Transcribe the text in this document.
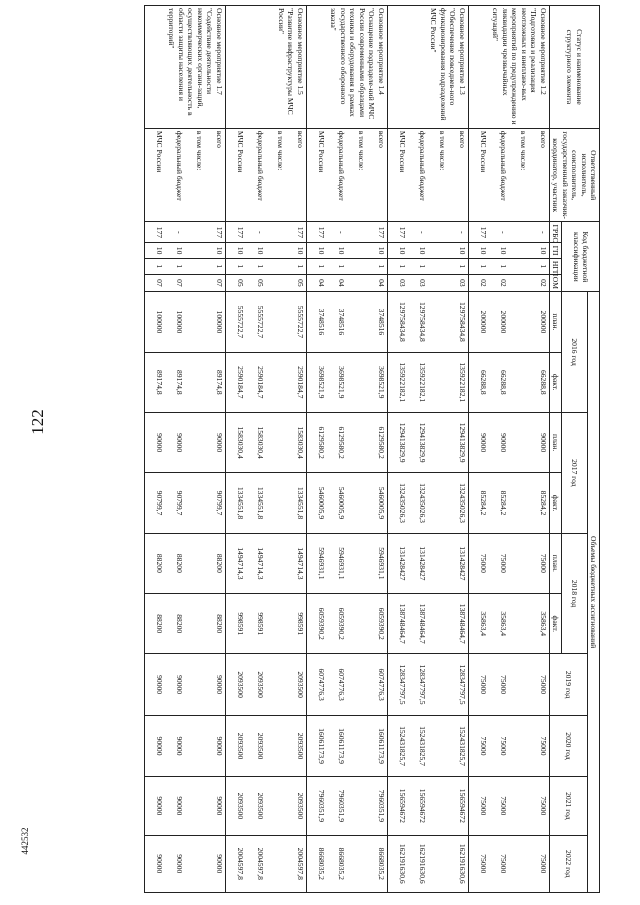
122
442532
Статус и наименование структурного элемента	Ответственный исполнитель, соисполнитель, государственный заказчик-координатор, участник	Код бюджетной классификации				Объемы бюджетных ассигнований									
						2016 год		2017 год		2018 год		2019 год	2020 год	2021 год	2022 год
		ГРБС	ГП	НГП	ОМ	план.	факт.	план.	факт.	план.	факт.				
Основное мероприятие 1.2 "Подготовка и реализация неотложных и внеплано-вых мероприятий по предупреждению и ликвидации чрезвычайных ситуаций"	всего	-	10	1	02	200000	66288,8	90000	85284,2	75000	35863,4	75000	75000	75000	75000
	в том числе:														
	федеральный бюджет	-	10	1	02	200000	66288,8	90000	85284,2	75000	35863,4	75000	75000	75000	75000
	МЧС России	177	10	1	02	200000	66288,8	90000	85284,2	75000	35863,4	75000	75000	75000	75000
Основное мероприятие 1.3 "Обеспечение повседнев-ного функционирования подразделений МЧС России"	всего	-	10	1	03	129758434,8	135922182,1	129413829,9	132435026,3	131428427	138748464,7	128347797,5	152431825,7	156594672	162191630,6
	в том числе:														
	федеральный бюджет	-	10	1	03	129758434,8	135922182,1	129413829,9	132435026,3	131428427	138748464,7	128347797,5	152431825,7	156594672	162191630,6
	МЧС России	177	10	1	03	129758434,8	135922182,1	129413829,9	132435026,3	131428427	138748464,7	128347797,5	152431825,7	156594672	162191630,6
Основное мероприятие 1.4 "Оснащение подразделе-ний МЧС России современными образцами техники и оборудования в рамках государственного оборонного заказа"	всего	177	10	1	04	3748516	3698521,9	6129580,2	5460005,9	5946931,1	6059390,2	6074776,3	16061173,9	7960351,9	8668035,2
	в том числе:														
	федеральный бюджет	-	10	1	04	3748516	3698521,9	6129580,2	5460005,9	5946931,1	6059390,2	6074776,3	16061173,9	7960351,9	8668035,2
	МЧС России	177	10	1	04	3748516	3698521,9	6129580,2	5460005,9	5946931,1	6059390,2	6074776,3	16061173,9	7960351,9	8668035,2
Основное мероприятие 1.5 "Развитие инфраструктуры МЧС России"	всего	177	10	1	05	5555722,7	2590184,7	1583030,4	1334551,8	1494714,3	998591	2093500	2093500	2093500	2004597,8
	в том числе:														
	федеральный бюджет	-	10	1	05	5555722,7	2590184,7	1583030,4	1334551,8	1494714,3	998591	2093500	2093500	2093500	2004597,8
	МЧС России	177	10	1	05	5555722,7	2590184,7	1583030,4	1334551,8	1494714,3	998591	2093500	2093500	2093500	2004597,8
Основное мероприятие 1.7 "Содействие деятельности некоммерческих органи-заций, осуществляющих деятельность в области защиты населения и территорий"	всего	177	10	1	07	100000	89174,8	90000	90799,7	88200	88200	90000	90000	90000	90000
	в том числе:														
	федеральный бюджет	-	10	1	07	100000	89174,8	90000	90799,7	88200	88200	90000	90000	90000	90000
	МЧС России	177	10	1	07	100000	89174,8	90000	90799,7	88200	88200	90000	90000	90000	90000
